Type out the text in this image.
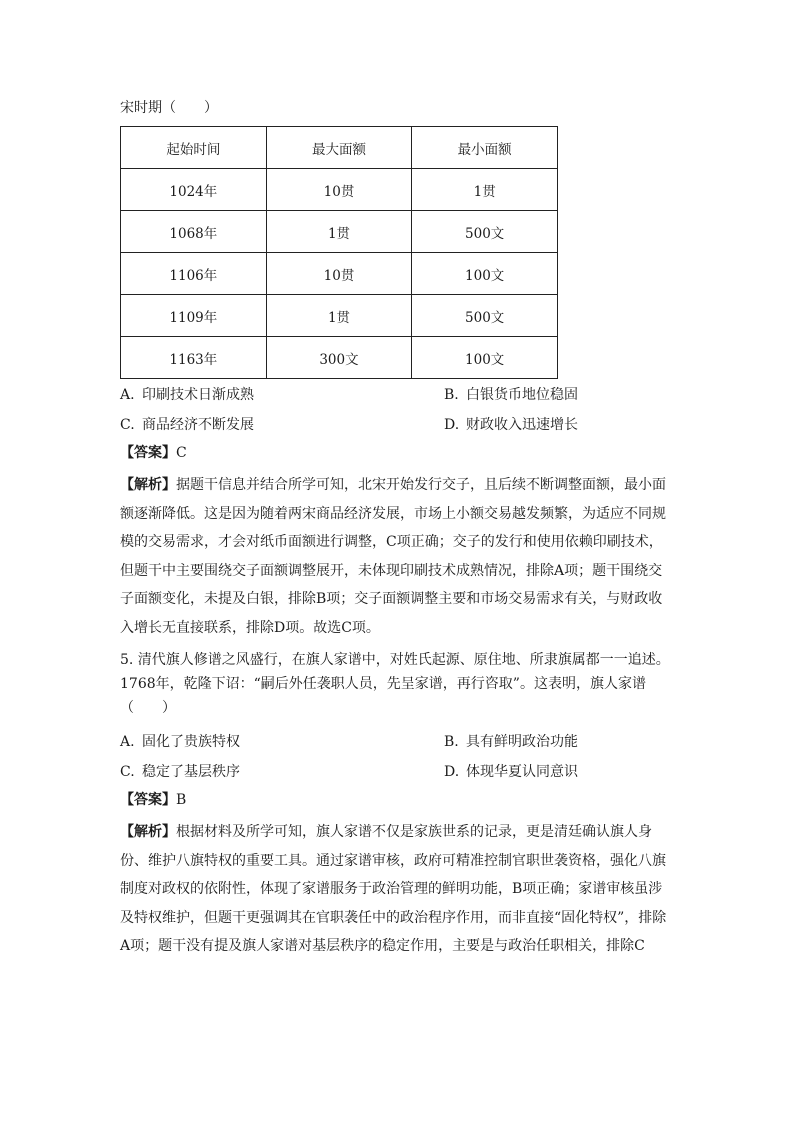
宋时期（　　）

起始时间	最大面额	最小面额
1024年	10贯	1贯
1068年	1贯	500文
1106年	10贯	100文
1109年	1贯	500文
1163年	300文	100文
A. 印刷技术日渐成熟	B. 白银货币地位稳固
C. 商品经济不断发展	D. 财政收入迅速增长

【答案】C

【解析】据题干信息并结合所学可知，北宋开始发行交子，且后续不断调整面额，最小面
额逐渐降低。这是因为随着两宋商品经济发展，市场上小额交易越发频繁，为适应不同规
模的交易需求，才会对纸币面额进行调整，C项正确；交子的发行和使用依赖印刷技术，
但题干中主要围绕交子面额调整展开，未体现印刷技术成熟情况，排除A项；题干围绕交
子面额变化，未提及白银，排除B项；交子面额调整主要和市场交易需求有关，与财政收
入增长无直接联系，排除D项。故选C项。
5. 清代旗人修谱之风盛行，在旗人家谱中，对姓氏起源、原住地、所隶旗属都一一追述。
1768年，乾隆下诏：“嗣后外任袭职人员，先呈家谱，再行咨取”。这表明，旗人家谱
（　　）
A. 固化了贵族特权	B. 具有鲜明政治功能
C. 稳定了基层秩序	D. 体现华夏认同意识

【答案】B

【解析】根据材料及所学可知，旗人家谱不仅是家族世系的记录，更是清廷确认旗人身
份、维护八旗特权的重要工具。通过家谱审核，政府可精准控制官职世袭资格，强化八旗
制度对政权的依附性，体现了家谱服务于政治管理的鲜明功能，B项正确；家谱审核虽涉
及特权维护，但题干更强调其在官职袭任中的政治程序作用，而非直接“固化特权”，排除
A项；题干没有提及旗人家谱对基层秩序的稳定作用，主要是与政治任职相关，排除C
